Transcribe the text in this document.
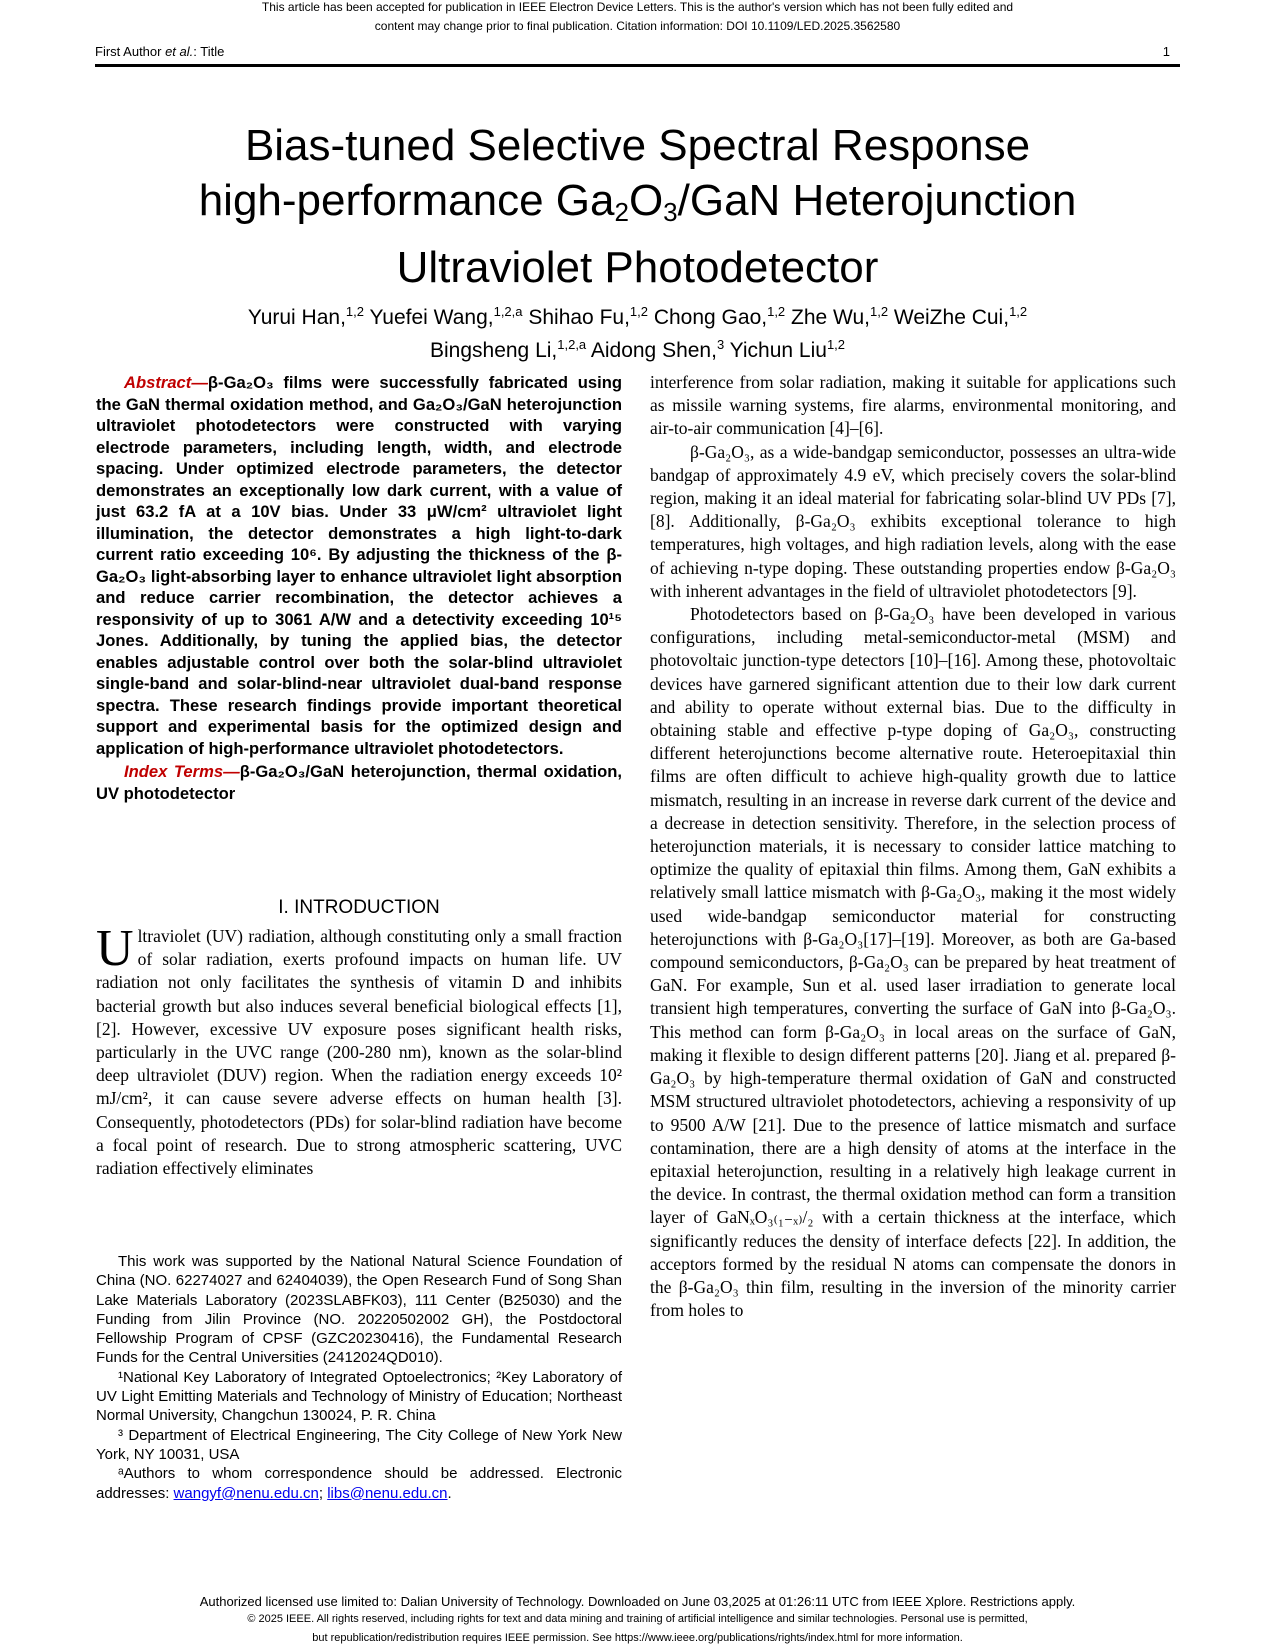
This article has been accepted for publication in IEEE Electron Device Letters. This is the author's version which has not been fully edited and
content may change prior to final publication. Citation information: DOI 10.1109/LED.2025.3562580
First Author et al.: Title	1
Bias-tuned Selective Spectral Response
high-performance $Ga_2O_3$/GaN Heterojunction
Ultraviolet Photodetector
Yurui Han,$^{1,2}$ Yuefei Wang,$^{1,2,a}$ Shihao Fu,$^{1,2}$ Chong Gao,$^{1,2}$ Zhe Wu,$^{1,2}$ WeiZhe Cui,$^{1,2}$
Bingsheng Li,$^{1,2,a}$ Aidong Shen,$^3$ Yichun Liu$^{1,2}$
Abstract—β-Ga₂O₃ films were successfully fabricated using the GaN thermal oxidation method, and Ga₂O₃/GaN heterojunction ultraviolet photodetectors were constructed with varying electrode parameters, including length, width, and electrode spacing. Under optimized electrode parameters, the detector demonstrates an exceptionally low dark current, with a value of just 63.2 fA at a 10V bias. Under 33 μW/cm² ultraviolet light illumination, the detector demonstrates a high light-to-dark current ratio exceeding 10⁶. By adjusting the thickness of the β-Ga₂O₃ light-absorbing layer to enhance ultraviolet light absorption and reduce carrier recombination, the detector achieves a responsivity of up to 3061 A/W and a detectivity exceeding 10¹⁵ Jones. Additionally, by tuning the applied bias, the detector enables adjustable control over both the solar-blind ultraviolet single-band and solar-blind-near ultraviolet dual-band response spectra. These research findings provide important theoretical support and experimental basis for the optimized design and application of high-performance ultraviolet photodetectors.
Index Terms—β-Ga₂O₃/GaN heterojunction, thermal oxidation, UV photodetector
I. INTRODUCTION
Ultraviolet (UV) radiation, although constituting only a small fraction of solar radiation, exerts profound impacts on human life. UV radiation not only facilitates the synthesis of vitamin D and inhibits bacterial growth but also induces several beneficial biological effects [1], [2]. However, excessive UV exposure poses significant health risks, particularly in the UVC range (200-280 nm), known as the solar-blind deep ultraviolet (DUV) region. When the radiation energy exceeds 10² mJ/cm², it can cause severe adverse effects on human health [3]. Consequently, photodetectors (PDs) for solar-blind radiation have become a focal point of research. Due to strong atmospheric scattering, UVC radiation effectively eliminates

This work was supported by the National Natural Science Foundation of China (NO. 62274027 and 62404039), the Open Research Fund of Song Shan Lake Materials Laboratory (2023SLABFK03), 111 Center (B25030) and the Funding from Jilin Province (NO. 20220502002 GH), the Postdoctoral Fellowship Program of CPSF (GZC20230416), the Fundamental Research Funds for the Central Universities (2412024QD010).

¹National Key Laboratory of Integrated Optoelectronics; ²Key Laboratory of UV Light Emitting Materials and Technology of Ministry of Education; Northeast Normal University, Changchun 130024, P. R. China

³ Department of Electrical Engineering, The City College of New York New York, NY 10031, USA

ᵃAuthors to whom correspondence should be addressed. Electronic addresses: wangyf@nenu.edu.cn; libs@nenu.edu.cn.

interference from solar radiation, making it suitable for applications such as missile warning systems, fire alarms, environmental monitoring, and air-to-air communication [4]–[6].

β-Ga₂O₃, as a wide-bandgap semiconductor, possesses an ultra-wide bandgap of approximately 4.9 eV, which precisely covers the solar-blind region, making it an ideal material for fabricating solar-blind UV PDs [7], [8]. Additionally, β-Ga₂O₃ exhibits exceptional tolerance to high temperatures, high voltages, and high radiation levels, along with the ease of achieving n-type doping. These outstanding properties endow β-Ga₂O₃ with inherent advantages in the field of ultraviolet photodetectors [9].

Photodetectors based on β-Ga₂O₃ have been developed in various configurations, including metal-semiconductor-metal (MSM) and photovoltaic junction-type detectors [10]–[16]. Among these, photovoltaic devices have garnered significant attention due to their low dark current and ability to operate without external bias. Due to the difficulty in obtaining stable and effective p-type doping of Ga₂O₃, constructing different heterojunctions become alternative route. Heteroepitaxial thin films are often difficult to achieve high-quality growth due to lattice mismatch, resulting in an increase in reverse dark current of the device and a decrease in detection sensitivity. Therefore, in the selection process of heterojunction materials, it is necessary to consider lattice matching to optimize the quality of epitaxial thin films. Among them, GaN exhibits a relatively small lattice mismatch with β-Ga₂O₃, making it the most widely used wide-bandgap semiconductor material for constructing heterojunctions with β-Ga₂O₃[17]–[19]. Moreover, as both are Ga-based compound semiconductors, β-Ga₂O₃ can be prepared by heat treatment of GaN. For example, Sun et al. used laser irradiation to generate local transient high temperatures, converting the surface of GaN into β-Ga₂O₃. This method can form β-Ga₂O₃ in local areas on the surface of GaN, making it flexible to design different patterns [20]. Jiang et al. prepared β-Ga₂O₃ by high-temperature thermal oxidation of GaN and constructed MSM structured ultraviolet photodetectors, achieving a responsivity of up to 9500 A/W [21]. Due to the presence of lattice mismatch and surface contamination, there are a high density of atoms at the interface in the epitaxial heterojunction, resulting in a relatively high leakage current in the device. In contrast, the thermal oxidation method can form a transition layer of GaNₓO₃₍₁₋ₓ₎/₂ with a certain thickness at the interface, which significantly reduces the density of interface defects [22]. In addition, the acceptors formed by the residual N atoms can compensate the donors in the β-Ga₂O₃ thin film, resulting in the inversion of the minority carrier from holes to

Authorized licensed use limited to: Dalian University of Technology. Downloaded on June 03,2025 at 01:26:11 UTC from IEEE Xplore. Restrictions apply.
© 2025 IEEE. All rights reserved, including rights for text and data mining and training of artificial intelligence and similar technologies. Personal use is permitted,
but republication/redistribution requires IEEE permission. See https://www.ieee.org/publications/rights/index.html for more information.
